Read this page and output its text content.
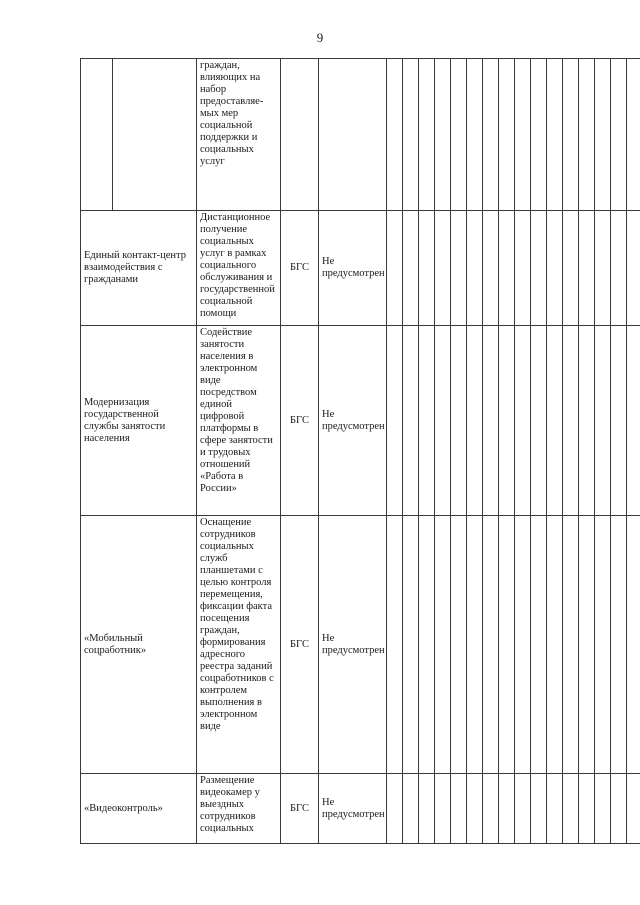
9

		граждан, влияющих на набор предоставляе-мых мер социальной поддержки и социальных услуг																		

Единый контакт-центр взаимодействия с гражданами		Дистанционное получение социальных услуг в рамках социального обслуживания и государственной социальной помощи	БГС	Не предусмотрен																

Модернизация государственной службы занятости населения		Содействие занятости населения в электронном виде посредством единой цифровой платформы в сфере занятости и трудовых отношений «Работа в России»	БГС	Не предусмотрен																

«Мобильный соцработник»		Оснащение сотрудников социальных служб планшетами с целью контроля перемещения, фиксации факта посещения граждан, формирования адресного реестра заданий соцработников с контролем выполнения в электронном виде	БГС	Не предусмотрен																

«Видеоконтроль»		Размещение видеокамер у выездных сотрудников социальных	БГС	Не предусмотрен																
